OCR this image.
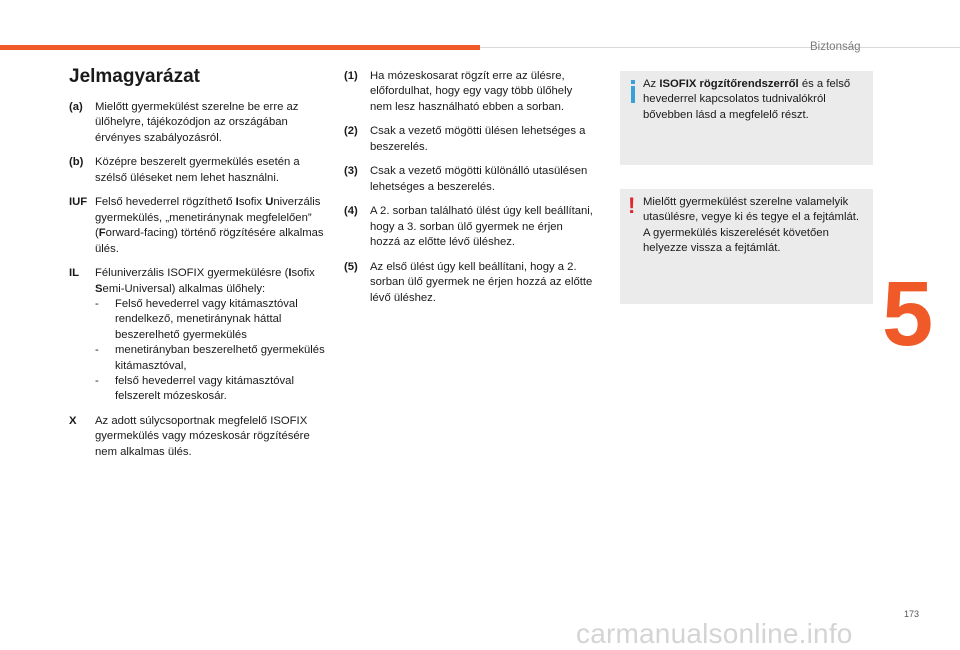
Biztonság
5
Jelmagyarázat
(a)	Mielőtt gyermekülést szerelne be erre az ülőhelyre, tájékozódjon az országában érvényes szabályozásról.
(b)	Középre beszerelt gyermekülés esetén a szélső üléseket nem lehet használni.
IUF Felső hevederrel rögzíthető Isofix Univerzális gyermekülés, „menetiránynak megfelelően” (Forward-facing) történő rögzítésére alkalmas ülés.
IL	Féluniverzális ISOFIX gyermekülésre (Isofix Semi-Universal) alkalmas ülőhely:
-	Felső hevederrel vagy kitámasztóval rendelkező, menetiránynak háttal beszerelhető gyermekülés
-	menetirányban beszerelhető gyermekülés kitámasztóval,
-	felső hevederrel vagy kitámasztóval felszerelt mózeskosár.
X	Az adott súlycsoportnak megfelelő ISOFIX gyermekülés vagy mózeskosár rögzítésére nem alkalmas ülés.
(1)	Ha mózeskosarat rögzít erre az ülésre, előfordulhat, hogy egy vagy több ülőhely nem lesz használható ebben a sorban.
(2)	Csak a vezető mögötti ülésen lehetséges a beszerelés.
(3)	Csak a vezető mögötti különálló utasülésen lehetséges a beszerelés.
(4)	A 2. sorban található ülést úgy kell beállítani, hogy a 3. sorban ülő gyermek ne érjen hozzá az előtte lévő üléshez.
(5)	Az első ülést úgy kell beállítani, hogy a 2. sorban ülő gyermek ne érjen hozzá az előtte lévő üléshez.
Az ISOFIX rögzítőrendszerről és a felső hevederrel kapcsolatos tudnivalókról bővebben lásd a megfelelő részt.
! Mielőtt gyermekülést szerelne valamelyik utasülésre, vegye ki és tegye el a fejtámlát.
A gyermekülés kiszerelését követően helyezze vissza a fejtámlát.
173
carmanualsonline.info
